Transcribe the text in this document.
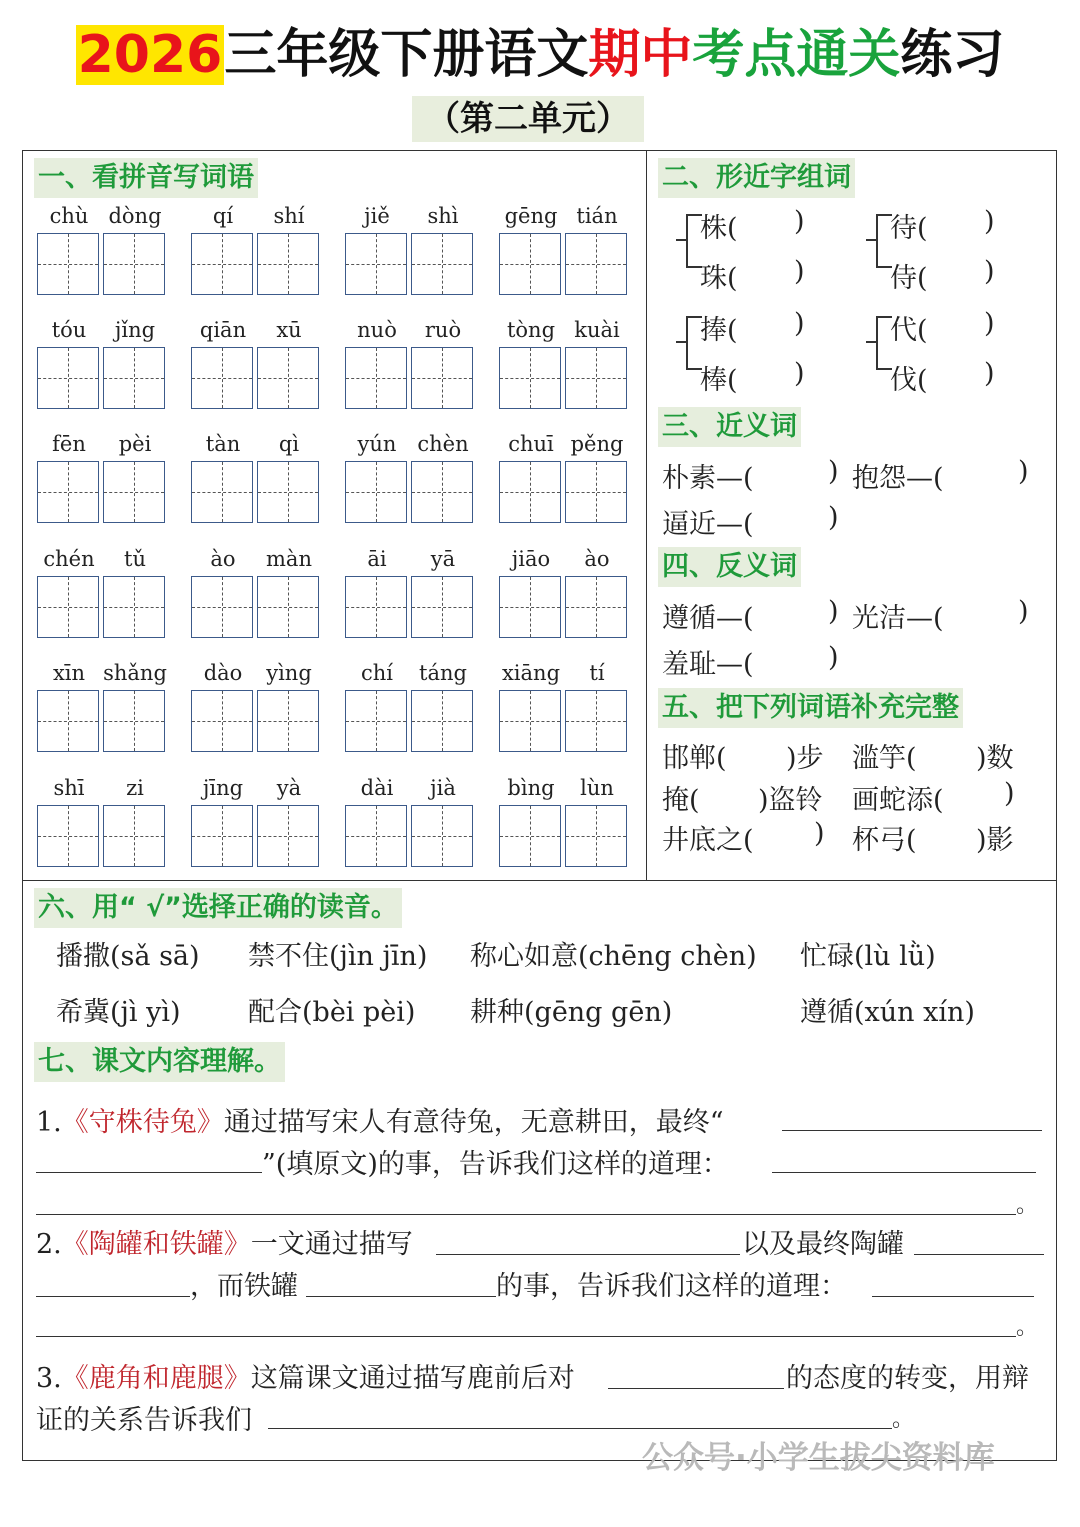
2026三年级下册语文期中考点通关练习
（第二单元）
一、看拼音写词语
chù dòng	qí	shí	jiě	shì	gēng tián
tóu	jǐng	qiān	xū	nuò	ruò	tòng kuài
fēn	pèi	tàn	qì	yún chèn	chuī pěng
chén	tǔ	ào	màn	āi	yā	jiāo	ào
xīn shǎng	dào	yìng	chí	táng	xiāng	tí
shī	zi	jīng	yà	dài	jià	bìng	lùn
二、形近字组词
株( )
珠( )
待( )
侍( )
捧( )
棒( )
代( )
伐( )
三、近义词
朴素—(	) 抱怨—(	)
逼近—(	)
四、反义词
遵循—(	) 光洁—(	)
羞耻—(	)
五、把下列词语补充完整
邯郸( )步 滥竽( )数
掩( )盗铃 画蛇添( )
井底之( ) 杯弓( )影
六、用“ √”选择正确的读音。
播撒(sǎ sā) 禁不住(jìn jīn) 称心如意(chēng chèn) 忙碌(lù lǜ)
希冀(jì yì) 配合(bèi pèi) 耕种(gēng gēn)	遵循(xún xín)
七、课文内容理解。
1.《守株待兔》通过描写宋人有意待兔，无意耕田，最终“
”(填原文)的事，告诉我们这样的道理：
。
2.《陶罐和铁罐》一文通过描写	以及最终陶罐
，而铁罐	的事，告诉我们这样的道理：
。
3.《鹿角和鹿腿》这篇课文通过描写鹿前后对	的态度的转变，用辩
证的关系告诉我们	。
公众号·小学生拔尖资料库
